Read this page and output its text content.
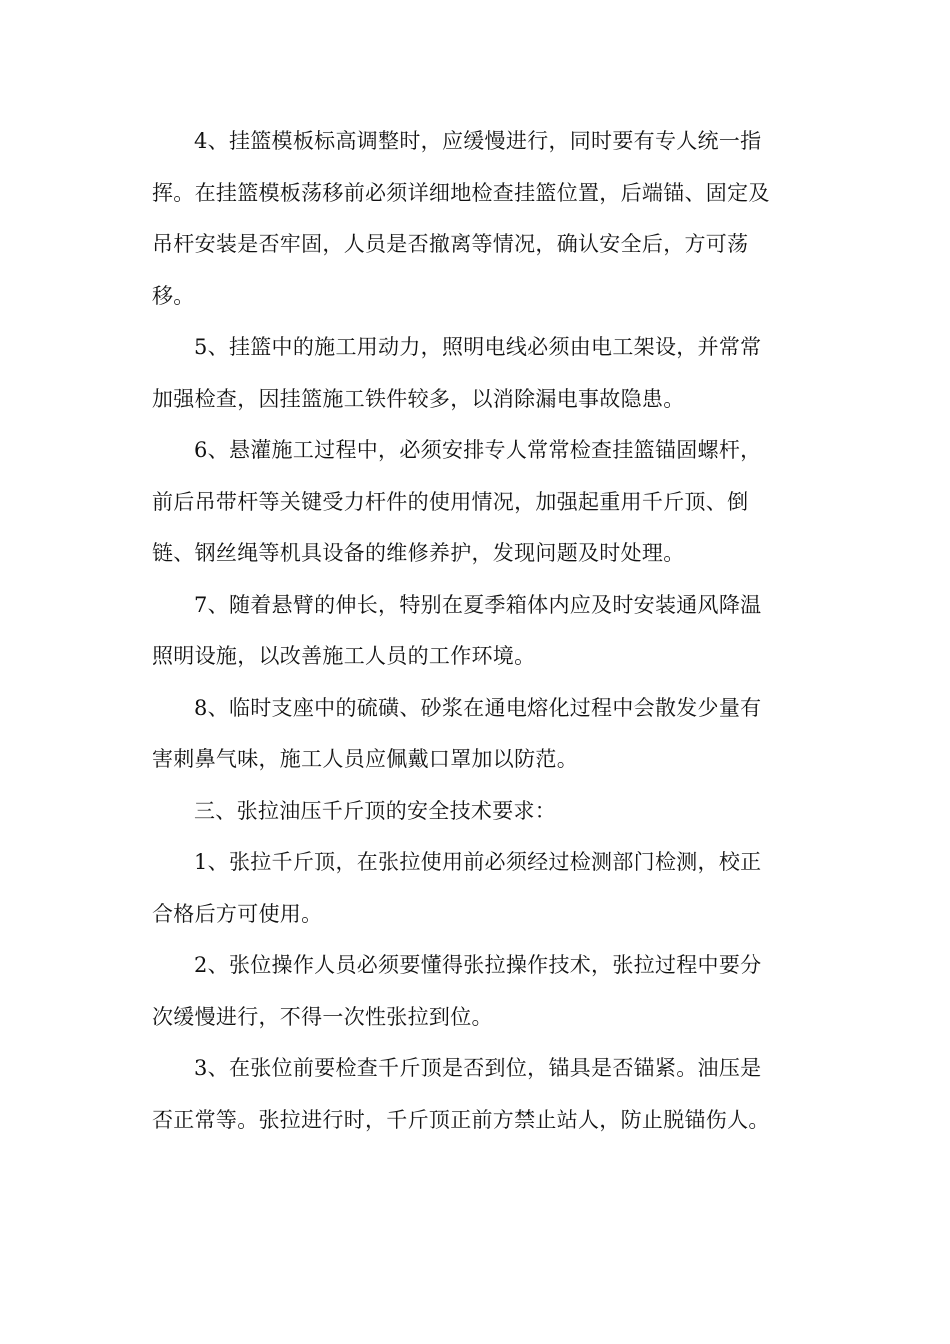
4、挂篮模板标高调整时，应缓慢进行，同时要有专人统一指
挥。在挂篮模板荡移前必须详细地检查挂篮位置，后端锚、固定及
吊杆安装是否牢固，人员是否撤离等情况，确认安全后，方可荡
移。

5、挂篮中的施工用动力，照明电线必须由电工架设，并常常
加强检查，因挂篮施工铁件较多，以消除漏电事故隐患。

6、悬灌施工过程中，必须安排专人常常检查挂篮锚固螺杆，
前后吊带杆等关键受力杆件的使用情况，加强起重用千斤顶、倒
链、钢丝绳等机具设备的维修养护，发现问题及时处理。

7、随着悬臂的伸长，特别在夏季箱体内应及时安装通风降温
照明设施，以改善施工人员的工作环境。

8、临时支座中的硫磺、砂浆在通电熔化过程中会散发少量有
害刺鼻气味，施工人员应佩戴口罩加以防范。

三、张拉油压千斤顶的安全技术要求：

1、张拉千斤顶，在张拉使用前必须经过检测部门检测，校正
合格后方可使用。

2、张位操作人员必须要懂得张拉操作技术，张拉过程中要分
次缓慢进行，不得一次性张拉到位。

3、在张位前要检查千斤顶是否到位，锚具是否锚紧。油压是
否正常等。张拉进行时，千斤顶正前方禁止站人，防止脱锚伤人。
